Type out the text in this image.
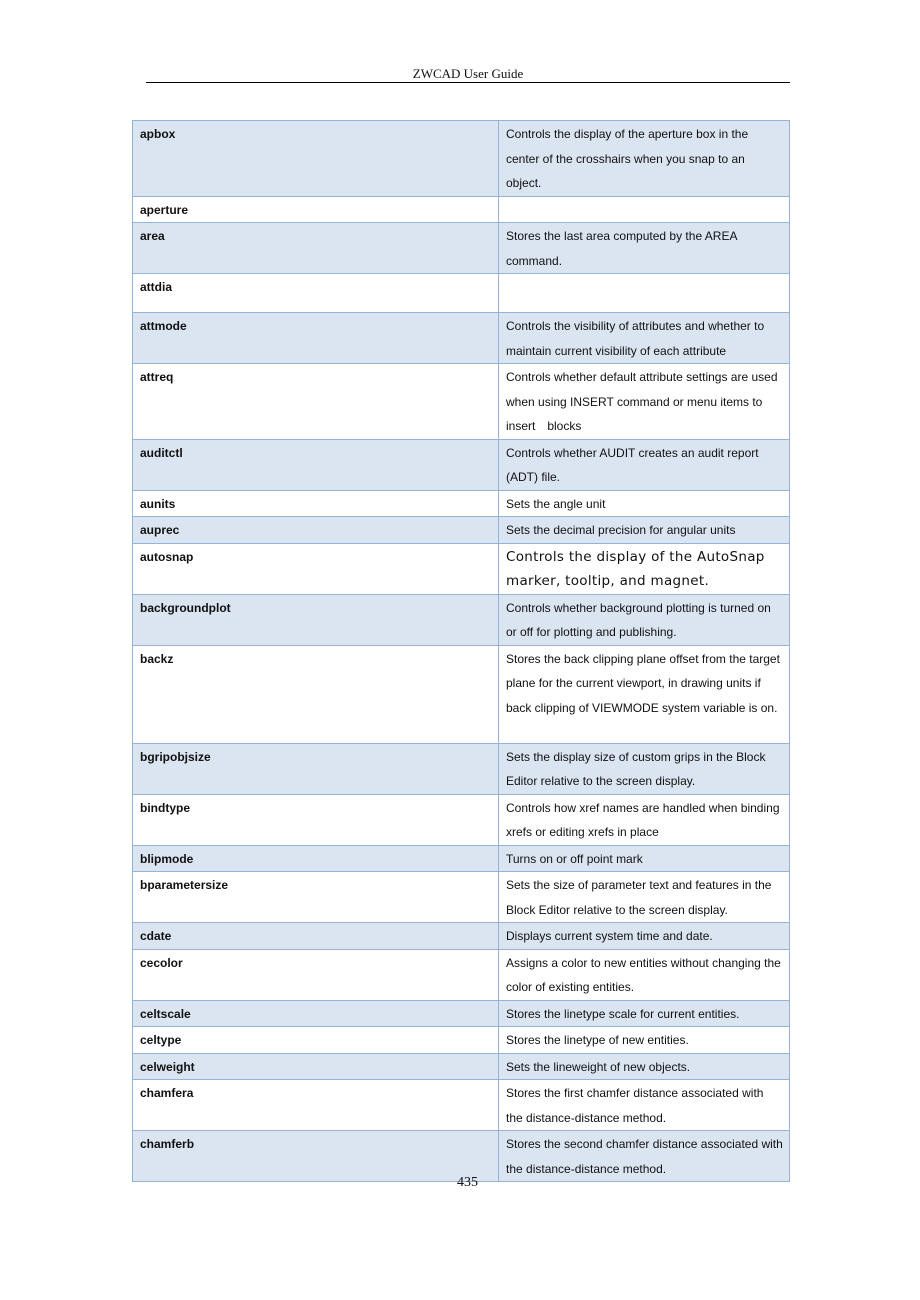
ZWCAD User Guide
apbox	Controls the display of the aperture box in the center of the crosshairs when you snap to an object.
aperture	
area	Stores the last area computed by the AREA command.
attdia	
attmode	Controls the visibility of attributes and whether to maintain current visibility of each attribute
attreq	Controls whether default attribute settings are used when using INSERT command or menu items to insert　blocks
auditctl	Controls whether AUDIT creates an audit report (ADT) file.
aunits	Sets the angle unit
auprec	Sets the decimal precision for angular units
autosnap	Controls the display of the AutoSnap marker, tooltip, and magnet.
backgroundplot	Controls whether background plotting is turned on or off for plotting and publishing.
backz	Stores the back clipping plane offset from the target plane for the current viewport, in drawing units if back clipping of VIEWMODE system variable is on.
bgripobjsize	Sets the display size of custom grips in the Block Editor relative to the screen display.
bindtype	Controls how xref names are handled when binding xrefs or editing xrefs in place
blipmode	Turns on or off point mark
bparametersize	Sets the size of parameter text and features in the Block Editor relative to the screen display.
cdate	Displays current system time and date.
cecolor	Assigns a color to new entities without changing the color of existing entities.
celtscale	Stores the linetype scale for current entities.
celtype	Stores the linetype of new entities.
celweight	Sets the lineweight of new objects.
chamfera	Stores the first chamfer distance associated with the distance-distance method.
chamferb	Stores the second chamfer distance associated with the distance-distance method.
435
